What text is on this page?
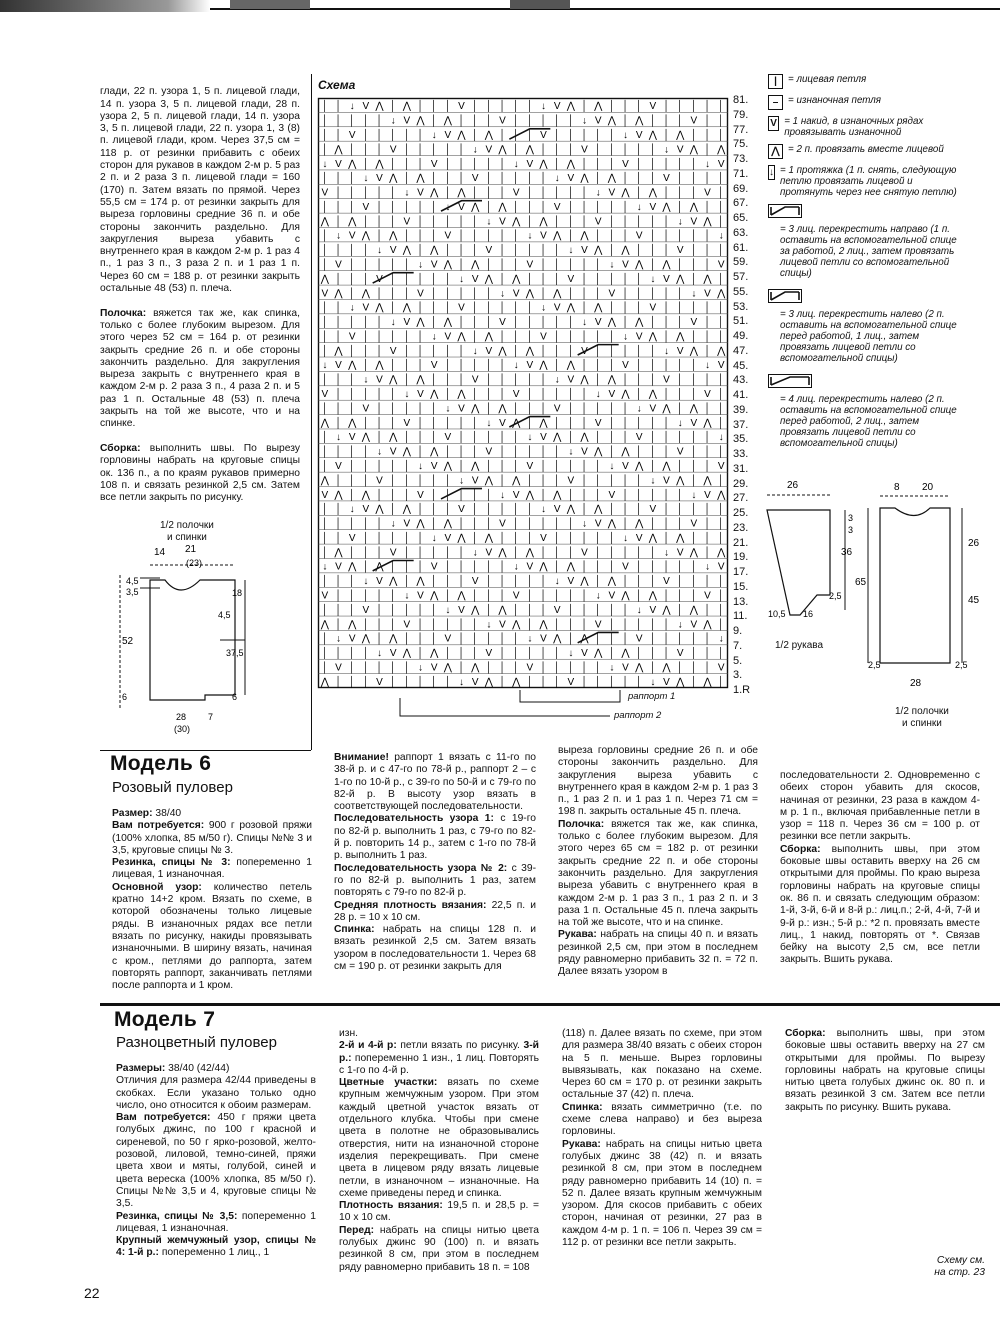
глади, 22 п. узора 1, 5 п. лицевой глади, 14 п. узора 3, 5 п. лицевой глади, 28 п. узора 2, 5 п. лицевой глади, 14 п. узора 3, 5 п. лицевой глади, 22 п. узора 1, 3 (8) п. лицевой глади, кром. Через 37,5 см = 118 р. от резинки прибавить с обеих сторон для рукавов в каждом 2-м р. 5 раз 2 п. и 2 раза 3 п. лицевой глади = 160 (170) п. Затем вязать по прямой. Через 55,5 см = 174 р. от резинки закрыть для выреза горловины средние 36 п. и обе стороны закончить раздельно. Для закругления выреза убавить с внутреннего края в каждом 2-м р. 1 раз 4 п., 1 раз 3 п., 3 раза 2 п. и 1 раз 1 п. Через 60 см = 188 р. от резинки закрыть остальные 48 (53) п. плеча.

Полочка: вяжется так же, как спинка, только с более глубоким вырезом. Для этого через 52 см = 164 р. от резинки закрыть средние 26 п. и обе стороны закончить раздельно. Для закругления выреза закрыть с внутреннего края в каждом 2-м р. 2 раза 3 п., 4 раза 2 п. и 5 раз 1 п. Остальные 48 (53) п. плеча закрыть на той же высоте, что и на спинке.

Сборка: выполнить швы. По вырезу горловины набрать на круговые спицы ок. 136 п., а по краям рукавов примерно 108 п. и связать резинкой 2,5 см. Затем все петли закрыть по рисунку.

Схема
│ │ ↓ V ⋀ │ ⋀ │ │ │ V │ │ │ │ │ ↓ V ⋀ │ ⋀ │ │ │ V │ │ │ │ │
│ │ │ │ │ ↓ V ⋀ │ ⋀ │ │ │ V │ │ │ │ │ ↓ V ⋀ │ ⋀ │ │ │ V │ │
│ │ V │ │ │ │ │ ↓ V ⋀ │ ⋀ │ │ │ V │ │ │ │ │ ↓ V ⋀ │ ⋀ │ │ │
│ ⋀ │ │ │ V │ │ │ │ │ ↓ V ⋀ │ ⋀ │ │ │ V │ │ │ │ │ ↓ V ⋀ │ ⋀
↓ V ⋀ │ ⋀ │ │ │ V │ │ │ │ │ ↓ V ⋀ │ ⋀ │ │ │ V │ │ │ │ │ ↓ V
│ │ │ ↓ V ⋀ │ ⋀ │ │ │ V │ │ │ │ │ ↓ V ⋀ │ ⋀ │ │ │ V │ │ │ │
V │ │ │ │ │ ↓ V ⋀ │ ⋀ │ │ │ V │ │ │ │ │ ↓ V ⋀ │ ⋀ │ │ │ V │
│ │ │ V │ │ │ │ │ ↓ V ⋀ │ ⋀ │ │ │ V │ │ │ │ │ ↓ V ⋀ │ ⋀ │ │
⋀ │ ⋀ │ │ │ V │ │ │ │ │ ↓ V ⋀ │ ⋀ │ │ │ V │ │ │ │ │ ↓ V ⋀ │
│ ↓ V ⋀ │ ⋀ │ │ │ V │ │ │ │ │ ↓ V ⋀ │ ⋀ │ │ │ V │ │ │ │ │ ↓
│ │ │ │ ↓ V ⋀ │ ⋀ │ │ │ V │ │ │ │ │ ↓ V ⋀ │ ⋀ │ │ │ V │ │ │
│ V │ │ │ │ │ ↓ V ⋀ │ ⋀ │ │ │ V │ │ │ │ │ ↓ V ⋀ │ ⋀ │ │ │ V
⋀ │ │ │ V │ │ │ │ │ ↓ V ⋀ │ ⋀ │ │ │ V │ │ │ │ │ ↓ V ⋀ │ ⋀ │
V ⋀ │ ⋀ │ │ │ V │ │ │ │ │ ↓ V ⋀ │ ⋀ │ │ │ V │ │ │ │ │ ↓ V ⋀
│ │ ↓ V ⋀ │ ⋀ │ │ │ V │ │ │ │ │ ↓ V ⋀ │ ⋀ │ │ │ V │ │ │ │ │
│ │ │ │ │ ↓ V ⋀ │ ⋀ │ │ │ V │ │ │ │ │ ↓ V ⋀ │ ⋀ │ │ │ V │ │
│ │ V │ │ │ │ │ ↓ V ⋀ │ ⋀ │ │ │ V │ │ │ │ │ ↓ V ⋀ │ ⋀ │ │ │
│ ⋀ │ │ │ V │ │ │ │ │ ↓ V ⋀ │ ⋀ │ │ │ V │ │ │ │ │ ↓ V ⋀ │ ⋀
↓ V ⋀ │ ⋀ │ │ │ V │ │ │ │ │ ↓ V ⋀ │ ⋀ │ │ │ V │ │ │ │ │ ↓ V
│ │ │ ↓ V ⋀ │ ⋀ │ │ │ V │ │ │ │ │ ↓ V ⋀ │ ⋀ │ │ │ V │ │ │ │
V │ │ │ │ │ ↓ V ⋀ │ ⋀ │ │ │ V │ │ │ │ │ ↓ V ⋀ │ ⋀ │ │ │ V │
│ │ │ V │ │ │ │ │ ↓ V ⋀ │ ⋀ │ │ │ V │ │ │ │ │ ↓ V ⋀ │ ⋀ │ │
⋀ │ ⋀ │ │ │ V │ │ │ │ │ ↓ V ⋀ │ ⋀ │ │ │ V │ │ │ │ │ ↓ V ⋀ │
│ ↓ V ⋀ │ ⋀ │ │ │ V │ │ │ │ │ ↓ V ⋀ │ ⋀ │ │ │ V │ │ │ │ │ ↓
│ │ │ │ ↓ V ⋀ │ ⋀ │ │ │ V │ │ │ │ │ ↓ V ⋀ │ ⋀ │ │ │ V │ │ │
│ V │ │ │ │ │ ↓ V ⋀ │ ⋀ │ │ │ V │ │ │ │ │ ↓ V ⋀ │ ⋀ │ │ │ V
⋀ │ │ │ V │ │ │ │ │ ↓ V ⋀ │ ⋀ │ │ │ V │ │ │ │ │ ↓ V ⋀ │ ⋀ │
V ⋀ │ ⋀ │ │ │ V │ │ │ │ │ ↓ V ⋀ │ ⋀ │ │ │ V │ │ │ │ │ ↓ V ⋀
│ │ ↓ V ⋀ │ ⋀ │ │ │ V │ │ │ │ │ ↓ V ⋀ │ ⋀ │ │ │ V │ │ │ │ │
│ │ │ │ │ ↓ V ⋀ │ ⋀ │ │ │ V │ │ │ │ │ ↓ V ⋀ │ ⋀ │ │ │ V │ │
│ │ V │ │ │ │ │ ↓ V ⋀ │ ⋀ │ │ │ V │ │ │ │ │ ↓ V ⋀ │ ⋀ │ │ │
│ ⋀ │ │ │ V │ │ │ │ │ ↓ V ⋀ │ ⋀ │ │ │ V │ │ │ │ │ ↓ V ⋀ │ ⋀
↓ V ⋀ │ ⋀ │ │ │ V │ │ │ │ │ ↓ V ⋀ │ ⋀ │ │ │ V │ │ │ │ │ ↓ V
│ │ │ ↓ V ⋀ │ ⋀ │ │ │ V │ │ │ │ │ ↓ V ⋀ │ ⋀ │ │ │ V │ │ │ │
V │ │ │ │ │ ↓ V ⋀ │ ⋀ │ │ │ V │ │ │ │ │ ↓ V ⋀ │ ⋀ │ │ │ V │
│ │ │ V │ │ │ │ │ ↓ V ⋀ │ ⋀ │ │ │ V │ │ │ │ │ ↓ V ⋀ │ ⋀ │ │
⋀ │ ⋀ │ │ │ V │ │ │ │ │ ↓ V ⋀ │ ⋀ │ │ │ V │ │ │ │ │ ↓ V ⋀ │
│ ↓ V ⋀ │ ⋀ │ │ │ V │ │ │ │ │ ↓ V ⋀ │ ⋀ │ │ │ V │ │ │ │ │ ↓
│ │ │ │ ↓ V ⋀ │ ⋀ │ │ │ V │ │ │ │ │ ↓ V ⋀ │ ⋀ │ │ │ V │ │ │
│ V │ │ │ │ │ ↓ V ⋀ │ ⋀ │ │ │ V │ │ │ │ │ ↓ V ⋀ │ ⋀ │ │ │ V
⋀ │ │ │ V │ │ │ │ │ ↓ V ⋀ │ ⋀ │ │ │ V │ │ │ │ │ ↓ V ⋀ │ ⋀ │
81.
79.
77.
75.
73.
71.
69.
67.
65.
63.
61.
59.
57.
55.
53.
51.
49.
47.
45.
43.
41.
39.
37.
35.
33.
31.
29.
27.
25.
23.
21.
19.
17.
15.
13.
11.
9.
7.
5.
3.
1.R
раппорт 1
раппорт 2
|	= лицевая петля
– = изнаночная петля
V = 1 накид, в изнаночных рядах провязывать изнаночной
⋀ = 2 п. провязать вместе лицевой
↓ = 1 протяжка (1 п. снять, следующую петлю провязать лицевой и протянуть через нее снятую петлю)
= 3 лиц. перекрестить направо (1 п. оставить на вспомогательной спице за работой, 2 лиц., затем провязать лицевой петли со вспомогательной спицы)
= 3 лиц. перекрестить налево (2 п. оставить на вспомогательной спице перед работой, 1 лиц., затем провязать лицевой петли со вспомогательной спицы)
= 4 лиц. перекрестить налево (2 п. оставить на вспомогательной спице перед работой, 2 лиц., затем провязать лицевой петли со вспомогательной спицы)
1/2 полочки
и спинки
14 21
(23)
4,5
3,5	18
4,5
37,5
52
6	6
28
(30)
7
26
3
3
36
65
2,5
10,5 16
1/2 рукава
8 20
26
45
2,5	2,5
28
1/2 полочки
и спинки
Модель 6
Розовый пуловер
Размер: 38/40
Вам потребуется: 900 г розовой пряжи (100% хлопка, 85 м/50 г). Спицы №№ 3 и 3,5, круговые спицы № 3.
Резинка, спицы № 3: попеременно 1 лицевая, 1 изнаночная.
Основной узор: количество петель кратно 14+2 кром. Вязать по схеме, в которой обозначены только лицевые ряды. В изнаночных рядах все петли вязать по рисунку, накиды провязывать изнаночными. В ширину вязать, начиная с кром., петлями до раппорта, затем повторять раппорт, заканчивать петлями после раппорта и 1 кром.
Внимание! раппорт 1 вязать с 11-го по 38-й р. и с 47-го по 78-й р., раппорт 2 – с 1-го по 10-й р., с 39-го по 50-й и с 79-го по 82-й р. В высоту узор вязать в соответствующей последовательности.
Последовательность узора 1: с 19-го по 82-й р. выполнить 1 раз, с 79-го по 82-й р. повторить 14 р., затем с 1-го по 78-й р. выполнить 1 раз.
Последовательность узора № 2: с 39-го по 82-й р. выполнить 1 раз, затем повторять с 79-го по 82-й р.
Средняя плотность вязания: 22,5 п. и 28 р. = 10 х 10 см.
Спинка: набрать на спицы 128 п. и вязать резинкой 2,5 см. Затем вязать узором в последовательности 1. Через 68 см = 190 р. от резинки закрыть для
выреза горловины средние 26 п. и обе стороны закончить раздельно. Для закругления выреза убавить с внутреннего края в каждом 2-м р. 1 раз 3 п., 1 раз 2 п. и 1 раз 1 п. Через 71 см = 198 п. закрыть остальные 45 п. плеча.
Полочка: вяжется так же, как спинка, только с более глубоким вырезом. Для этого через 65 см = 182 р. от резинки закрыть средние 22 п. и обе стороны закончить раздельно. Для закругления выреза убавить с внутреннего края в каждом 2-м р. 1 раз 3 п., 1 раз 2 п. и 3 раза 1 п. Остальные 45 п. плеча закрыть на той же высоте, что и на спинке.
Рукава: набрать на спицы 40 п. и вязать резинкой 2,5 см, при этом в последнем ряду равномерно прибавить 32 п. = 72 п. Далее вязать узором в
последовательности 2. Одновременно с обеих сторон убавить для скосов, начиная от резинки, 23 раза в каждом 4-м р. 1 п., включая прибавленные петли в узор = 118 п. Через 36 см = 100 р. от резинки все петли закрыть.
Сборка: выполнить швы, при этом боковые швы оставить вверху на 26 см открытыми для проймы. По краю выреза горловины набрать на круговые спицы ок. 86 п. и связать следующим образом: 1-й, 3-й, 6-й и 8-й р.: лиц.п.; 2-й, 4-й, 7-й и 9-й р.: изн.; 5-й р.: *2 п. провязать вместе лиц., 1 накид, повторять от *. Связав бейку на высоту 2,5 см, все петли закрыть. Вшить рукава.
Модель 7
Разноцветный пуловер
Размеры: 38/40 (42/44)
Отличия для размера 42/44 приведены в скобках. Если указано только одно число, оно относится к обоим размерам.
Вам потребуется: 450 г пряжи цвета голубых джинс, по 100 г красной и сиреневой, по 50 г ярко-розовой, желто-розовой, лиловой, темно-синей, пряжи цвета хвои и мяты, голубой, синей и цвета вереска (100% хлопка, 85 м/50 г). Спицы №№ 3,5 и 4, круговые спицы № 3,5.
Резинка, спицы № 3,5: попеременно 1 лицевая, 1 изнаночная.
Крупный жемчужный узор, спицы № 4: 1-й р.: попеременно 1 лиц., 1
изн.
2-й и 4-й р: петли вязать по рисунку. 3-й р.: попеременно 1 изн., 1 лиц. Повторять с 1-го по 4-й р.
Цветные участки: вязать по схеме крупным жемчужным узором. При этом каждый цветной участок вязать от отдельного клубка. Чтобы при смене цвета в полотне не образовывались отверстия, нити на изнаночной стороне изделия перекрещивать. При смене цвета в лицевом ряду вязать лицевые петли, в изнаночном – изнаночные. На схеме приведены перед и спинка.
Плотность вязания: 19,5 п. и 28,5 р. = 10 х 10 см.
Перед: набрать на спицы нитью цвета голубых джинс 90 (100) п. и вязать резинкой 8 см, при этом в последнем ряду равномерно прибавить 18 п. = 108
(118) п. Далее вязать по схеме, при этом для размера 38/40 вязать с обеих сторон на 5 п. меньше. Вырез горловины вывязывать, как показано на схеме. Через 60 см = 170 р. от резинки закрыть остальные 37 (42) п. плеча.
Спинка: вязать симметрично (т.е. по схеме слева направо) и без выреза горловины.
Рукава: набрать на спицы нитью цвета голубых джинс 38 (42) п. и вязать резинкой 8 см, при этом в последнем ряду равномерно прибавить 14 (10) п. = 52 п. Далее вязать крупным жемчужным узором. Для скосов прибавить с обеих сторон, начиная от резинки, 27 раз в каждом 4-м р. 1 п. = 106 п. Через 39 см = 112 р. от резинки все петли закрыть.
Сборка: выполнить швы, при этом боковые швы оставить вверху на 27 см открытыми для проймы. По вырезу горловины набрать на круговые спицы нитью цвета голубых джинс ок. 80 п. и вязать резинкой 3 см. Затем все петли закрыть по рисунку. Вшить рукава.
Схему см.
на стр. 23
22
